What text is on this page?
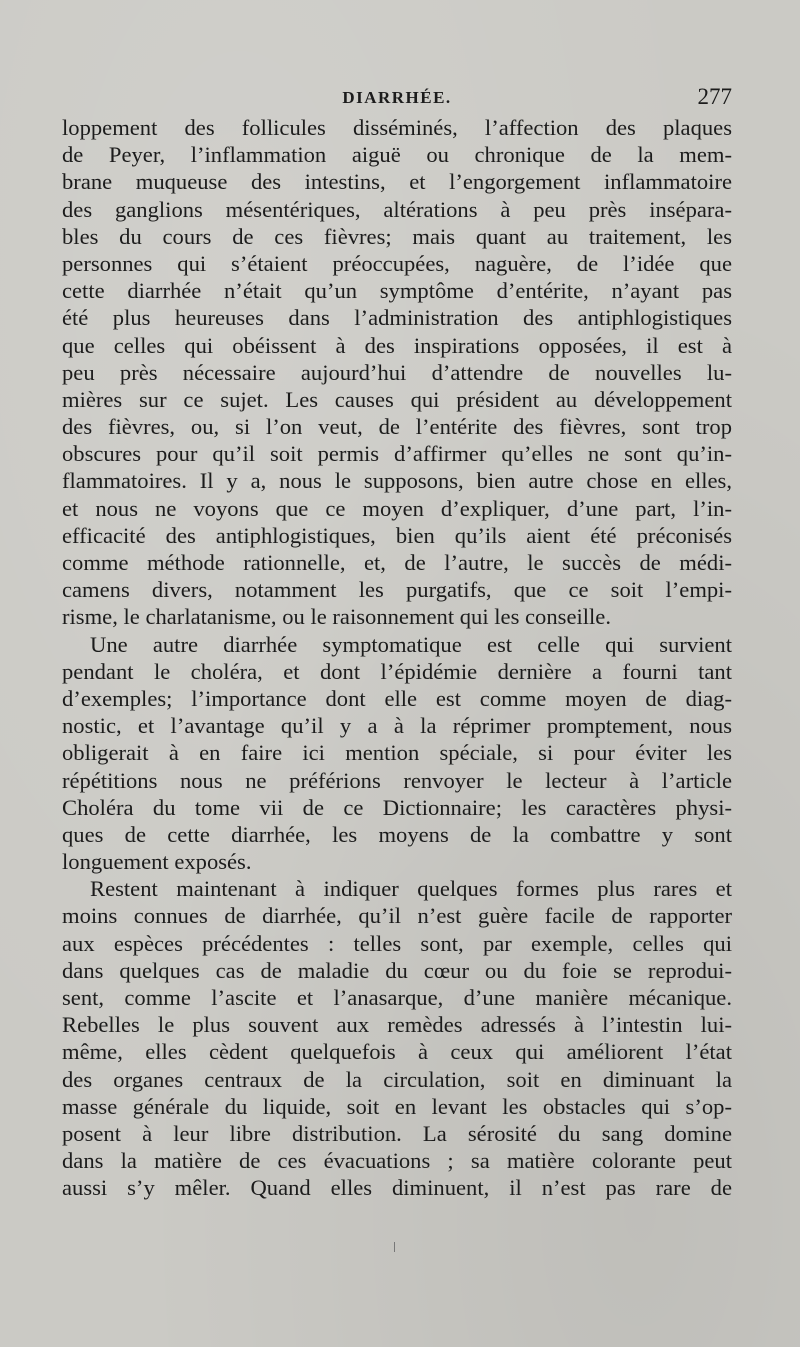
DIARRHÉE.	277
loppement des follicules disséminés, l’affection des plaques
de Peyer, l’inflammation aiguë ou chronique de la mem-
brane muqueuse des intestins, et l’engorgement inflammatoire
des ganglions mésentériques, altérations à peu près insépara-
bles du cours de ces fièvres; mais quant au traitement, les
personnes qui s’étaient préoccupées, naguère, de l’idée que
cette diarrhée n’était qu’un symptôme d’entérite, n’ayant pas
été plus heureuses dans l’administration des antiphlogistiques
que celles qui obéissent à des inspirations opposées, il est à
peu près nécessaire aujourd’hui d’attendre de nouvelles lu-
mières sur ce sujet. Les causes qui président au développement
des fièvres, ou, si l’on veut, de l’entérite des fièvres, sont trop
obscures pour qu’il soit permis d’affirmer qu’elles ne sont qu’in-
flammatoires. Il y a, nous le supposons, bien autre chose en elles,
et nous ne voyons que ce moyen d’expliquer, d’une part, l’in-
efficacité des antiphlogistiques, bien qu’ils aient été préconisés
comme méthode rationnelle, et, de l’autre, le succès de médi-
camens divers, notamment les purgatifs, que ce soit l’empi-
risme, le charlatanisme, ou le raisonnement qui les conseille.
Une autre diarrhée symptomatique est celle qui survient
pendant le choléra, et dont l’épidémie dernière a fourni tant
d’exemples; l’importance dont elle est comme moyen de diag-
nostic, et l’avantage qu’il y a à la réprimer promptement, nous
obligerait à en faire ici mention spéciale, si pour éviter les
répétitions nous ne préférions renvoyer le lecteur à l’article
Choléra du tome vii de ce Dictionnaire; les caractères physi-
ques de cette diarrhée, les moyens de la combattre y sont
longuement exposés.
Restent maintenant à indiquer quelques formes plus rares et
moins connues de diarrhée, qu’il n’est guère facile de rapporter
aux espèces précédentes : telles sont, par exemple, celles qui
dans quelques cas de maladie du cœur ou du foie se reprodui-
sent, comme l’ascite et l’anasarque, d’une manière mécanique.
Rebelles le plus souvent aux remèdes adressés à l’intestin lui-
même, elles cèdent quelquefois à ceux qui améliorent l’état
des organes centraux de la circulation, soit en diminuant la
masse générale du liquide, soit en levant les obstacles qui s’op-
posent à leur libre distribution. La sérosité du sang domine
dans la matière de ces évacuations ; sa matière colorante peut
aussi s’y mêler. Quand elles diminuent, il n’est pas rare de
